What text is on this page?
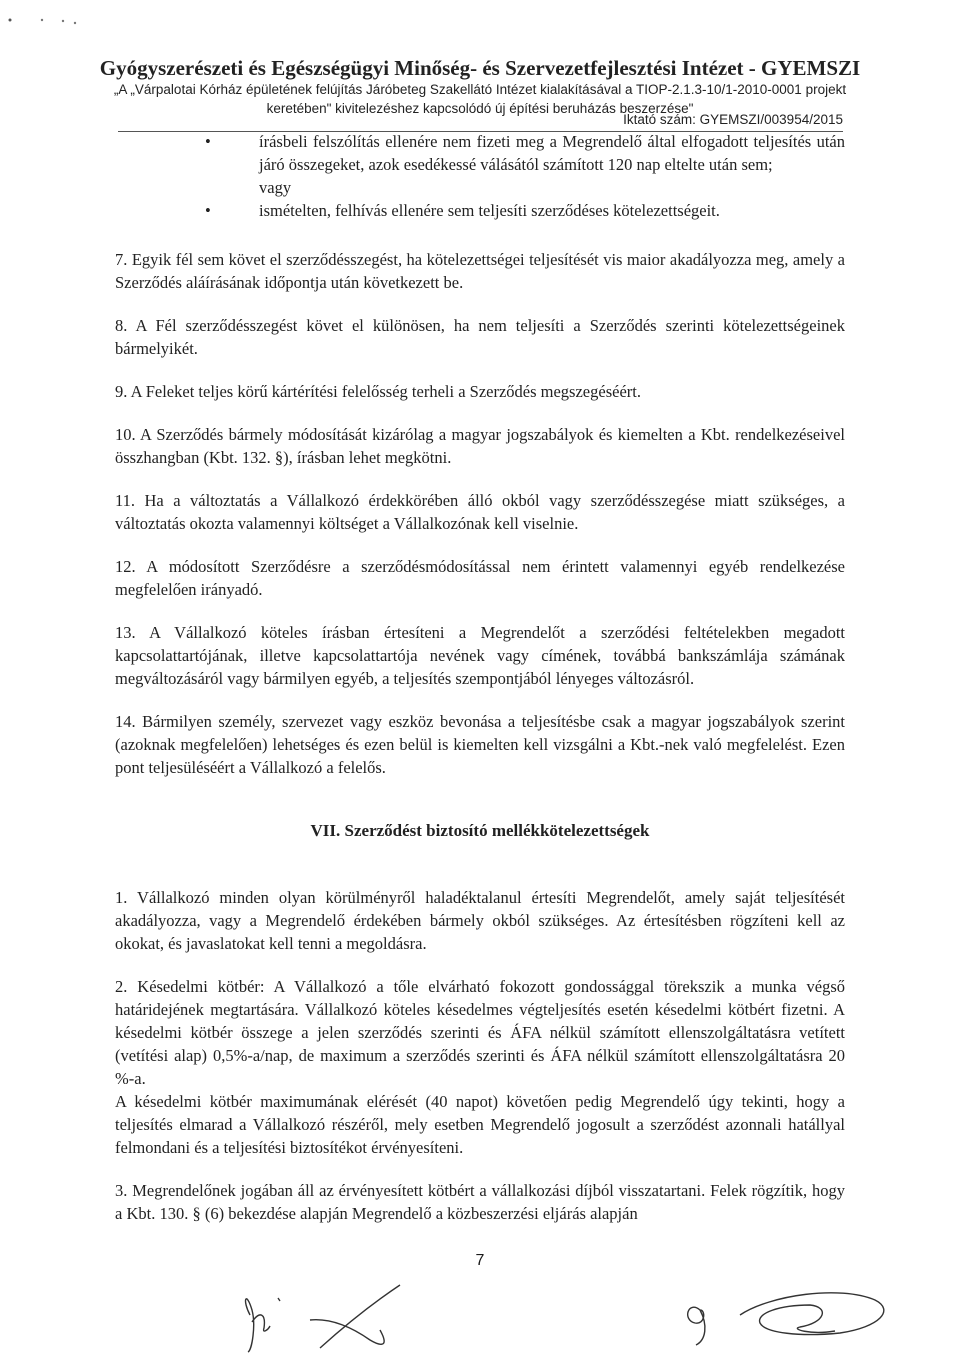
Gyógyszerészeti és Egészségügyi Minőség- és Szervezetfejlesztési Intézet - GYEMSZI
„A „Várpalotai Kórház épületének felújítás Járóbeteg Szakellátó Intézet kialakításával a TIOP-2.1.3-10/1-2010-0001 projekt
keretében" kivitelezéshez kapcsolódó új építési beruházás beszerzése"
Iktató szám: GYEMSZI/003954/2015
•	írásbeli felszólítás ellenére nem fizeti meg a Megrendelő által elfogadott teljesítés után járó összegeket, azok esedékessé válásától számított 120 nap eltelte után sem;
vagy
•	ismételten, felhívás ellenére sem teljesíti szerződéses kötelezettségeit.

7. Egyik fél sem követ el szerződésszegést, ha kötelezettségei teljesítését vis maior akadályozza meg, amely a Szerződés aláírásának időpontja után következett be.

8. A Fél szerződésszegést követ el különösen, ha nem teljesíti a Szerződés szerinti kötelezettségeinek bármelyikét.

9. A Feleket teljes körű kártérítési felelősség terheli a Szerződés megszegéséért.

10. A Szerződés bármely módosítását kizárólag a magyar jogszabályok és kiemelten a Kbt. rendelkezéseivel összhangban (Kbt. 132. §), írásban lehet megkötni.

11. Ha a változtatás a Vállalkozó érdekkörében álló okból vagy szerződésszegése miatt szükséges, a változtatás okozta valamennyi költséget a Vállalkozónak kell viselnie.

12. A módosított Szerződésre a szerződésmódosítással nem érintett valamennyi egyéb rendelkezése megfelelően irányadó.

13. A Vállalkozó köteles írásban értesíteni a Megrendelőt a szerződési feltételekben megadott kapcsolattartójának, illetve kapcsolattartója nevének vagy címének, továbbá bankszámlája számának megváltozásáról vagy bármilyen egyéb, a teljesítés szempontjából lényeges változásról.

14. Bármilyen személy, szervezet vagy eszköz bevonása a teljesítésbe csak a magyar jogszabályok szerint (azoknak megfelelően) lehetséges és ezen belül is kiemelten kell vizsgálni a Kbt.-nek való megfelelést. Ezen pont teljesüléséért a Vállalkozó a felelős.

VII. Szerződést biztosító mellékkötelezettségek

1. Vállalkozó minden olyan körülményről haladéktalanul értesíti Megrendelőt, amely saját teljesítését akadályozza, vagy a Megrendelő érdekében bármely okból szükséges. Az értesítésben rögzíteni kell az okokat, és javaslatokat kell tenni a megoldásra.

2. Késedelmi kötbér: A Vállalkozó a tőle elvárható fokozott gondossággal törekszik a munka végső határidejének megtartására. Vállalkozó köteles késedelmes végteljesítés esetén késedelmi kötbért fizetni. A késedelmi kötbér összege a jelen szerződés szerinti és ÁFA nélkül számított ellenszolgáltatásra vetített (vetítési alap) 0,5%-a/nap, de maximum a szerződés szerinti és ÁFA nélkül számított ellenszolgáltatásra 20 %-a.

A késedelmi kötbér maximumának elérését (40 napot) követően pedig Megrendelő úgy tekinti, hogy a teljesítés elmarad a Vállalkozó részéről, mely esetben Megrendelő jogosult a szerződést azonnali hatállyal felmondani és a teljesítési biztosítékot érvényesíteni.

3. Megrendelőnek jogában áll az érvényesített kötbért a vállalkozási díjból visszatartani. Felek rögzítik, hogy a Kbt. 130. § (6) bekezdése alapján Megrendelő a közbeszerzési eljárás alapján

7
